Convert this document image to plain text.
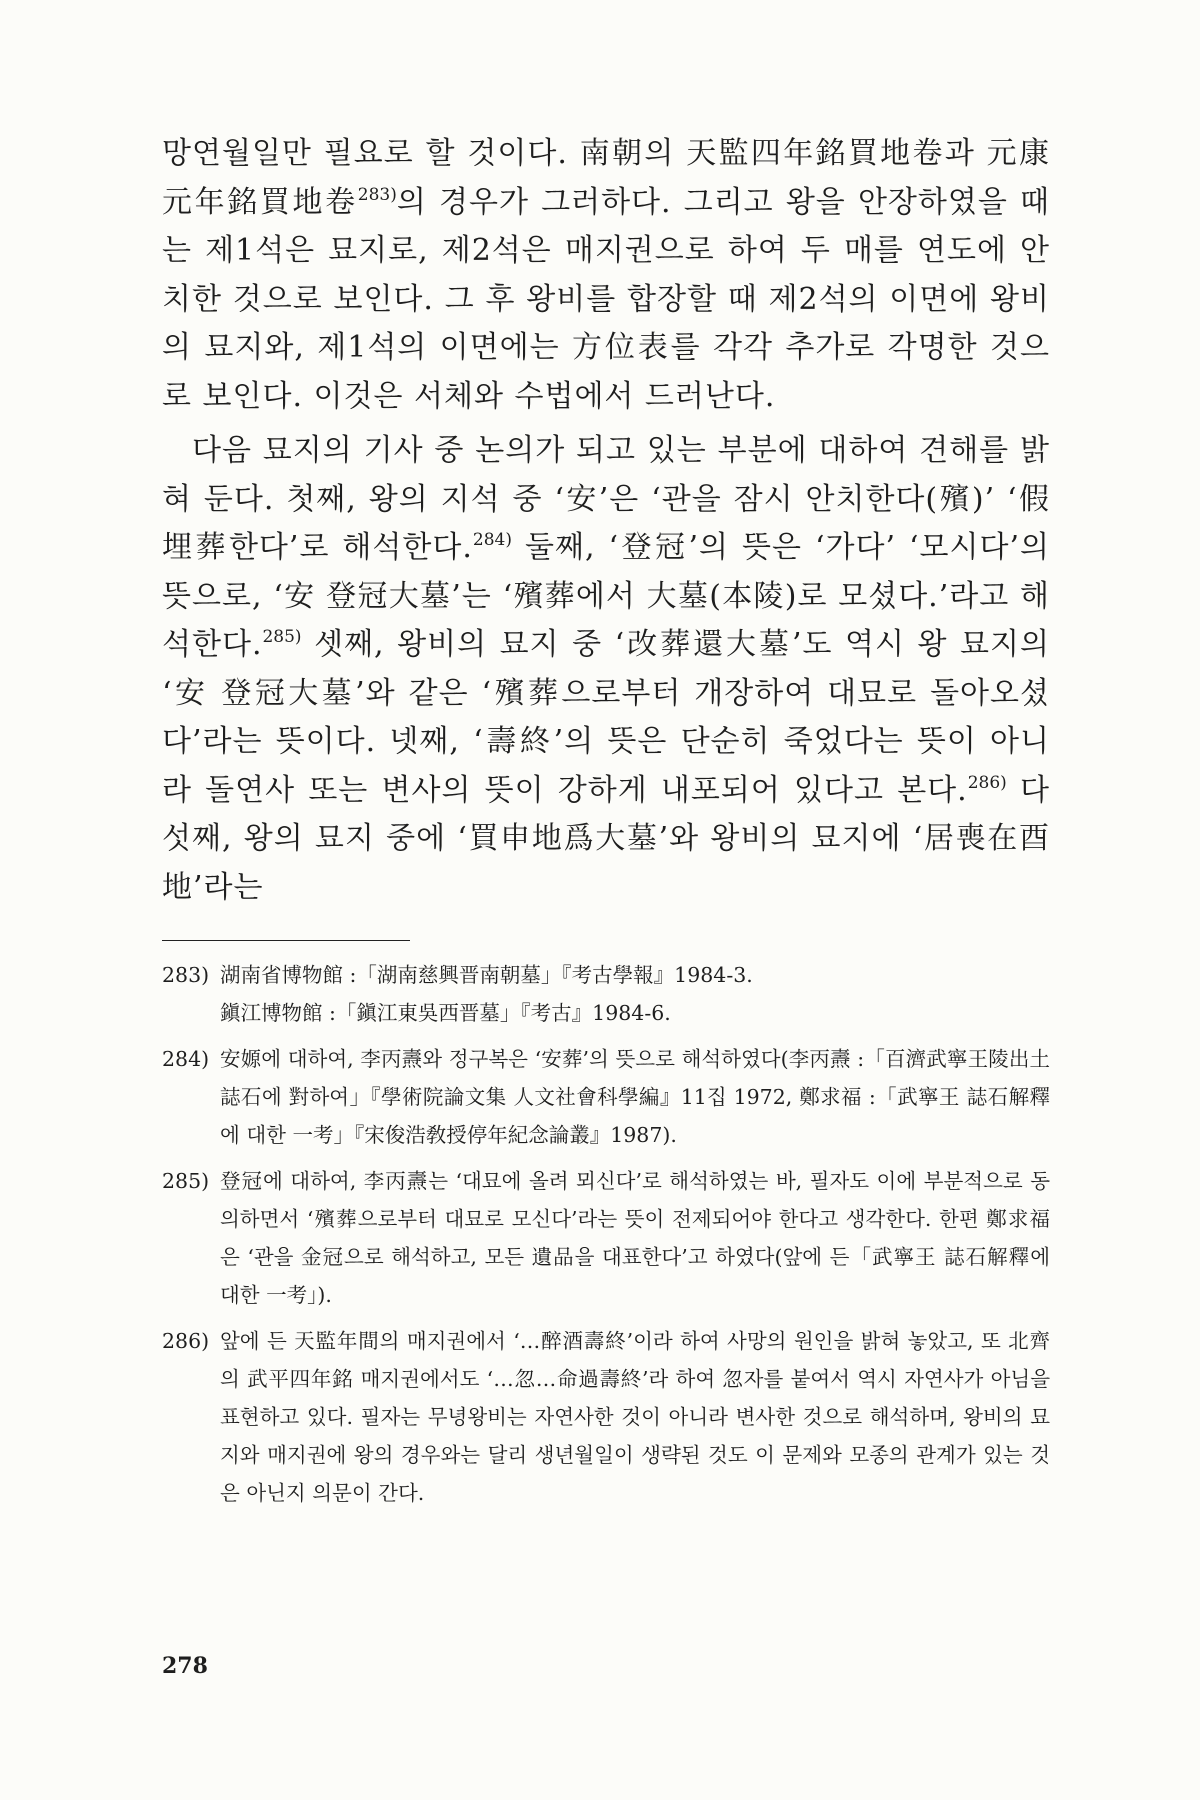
망연월일만 필요로 할 것이다. 南朝의 天監四年銘買地卷과 元康元年銘買地卷$^{283)}$의 경우가 그러하다. 그리고 왕을 안장하였을 때는 제1석은 묘지로, 제2석은 매지권으로 하여 두 매를 연도에 안치한 것으로 보인다. 그 후 왕비를 합장할 때 제2석의 이면에 왕비의 묘지와, 제1석의 이면에는 方位表를 각각 추가로 각명한 것으로 보인다. 이것은 서체와 수법에서 드러난다.

다음 묘지의 기사 중 논의가 되고 있는 부분에 대하여 견해를 밝혀 둔다. 첫째, 왕의 지석 중 ‘安’은 ‘관을 잠시 안치한다(殯)’ ‘假埋葬한다’로 해석한다.$^{284)}$ 둘째, ‘登冠’의 뜻은 ‘가다’ ‘모시다’의 뜻으로, ‘安 登冠大墓’는 ‘殯葬에서 大墓(本陵)로 모셨다.’라고 해석한다.$^{285)}$ 셋째, 왕비의 묘지 중 ‘改葬還大墓’도 역시 왕 묘지의 ‘安 登冠大墓’와 같은 ‘殯葬으로부터 개장하여 대묘로 돌아오셨다’라는 뜻이다. 넷째, ‘壽終’의 뜻은 단순히 죽었다는 뜻이 아니라 돌연사 또는 변사의 뜻이 강하게 내포되어 있다고 본다.$^{286)}$ 다섯째, 왕의 묘지 중에 ‘買申地爲大墓’와 왕비의 묘지에 ‘居喪在酉地’라는

283) 湖南省博物館 :「湖南慈興晋南朝墓」『考古學報』1984-3.
鎭江博物館 :「鎭江東吳西晋墓」『考古』1984-6.
284) 安嫄에 대하여, 李丙燾와 정구복은 ‘安葬’의 뜻으로 해석하였다(李丙燾 :「百濟武寧王陵出土誌石에 對하여」『學術院論文集 人文社會科學編』11집 1972, 鄭求福 :「武寧王 誌石解釋에 대한 一考」『宋俊浩敎授停年紀念論叢』1987).
285) 登冠에 대하여, 李丙燾는 ‘대묘에 올려 뫼신다’로 해석하였는 바, 필자도 이에 부분적으로 동의하면서 ‘殯葬으로부터 대묘로 모신다’라는 뜻이 전제되어야 한다고 생각한다. 한편 鄭求福은 ‘관을 金冠으로 해석하고, 모든 遺品을 대표한다’고 하였다(앞에 든「武寧王 誌石解釋에 대한 一考」).
286) 앞에 든 天監年間의 매지권에서 ‘…醉酒壽終’이라 하여 사망의 원인을 밝혀 놓았고, 또 北齊의 武平四年銘 매지권에서도 ‘…忽…命過壽終’라 하여 忽자를 붙여서 역시 자연사가 아님을 표현하고 있다. 필자는 무녕왕비는 자연사한 것이 아니라 변사한 것으로 해석하며, 왕비의 묘지와 매지권에 왕의 경우와는 달리 생년월일이 생략된 것도 이 문제와 모종의 관계가 있는 것은 아닌지 의문이 간다.
278
